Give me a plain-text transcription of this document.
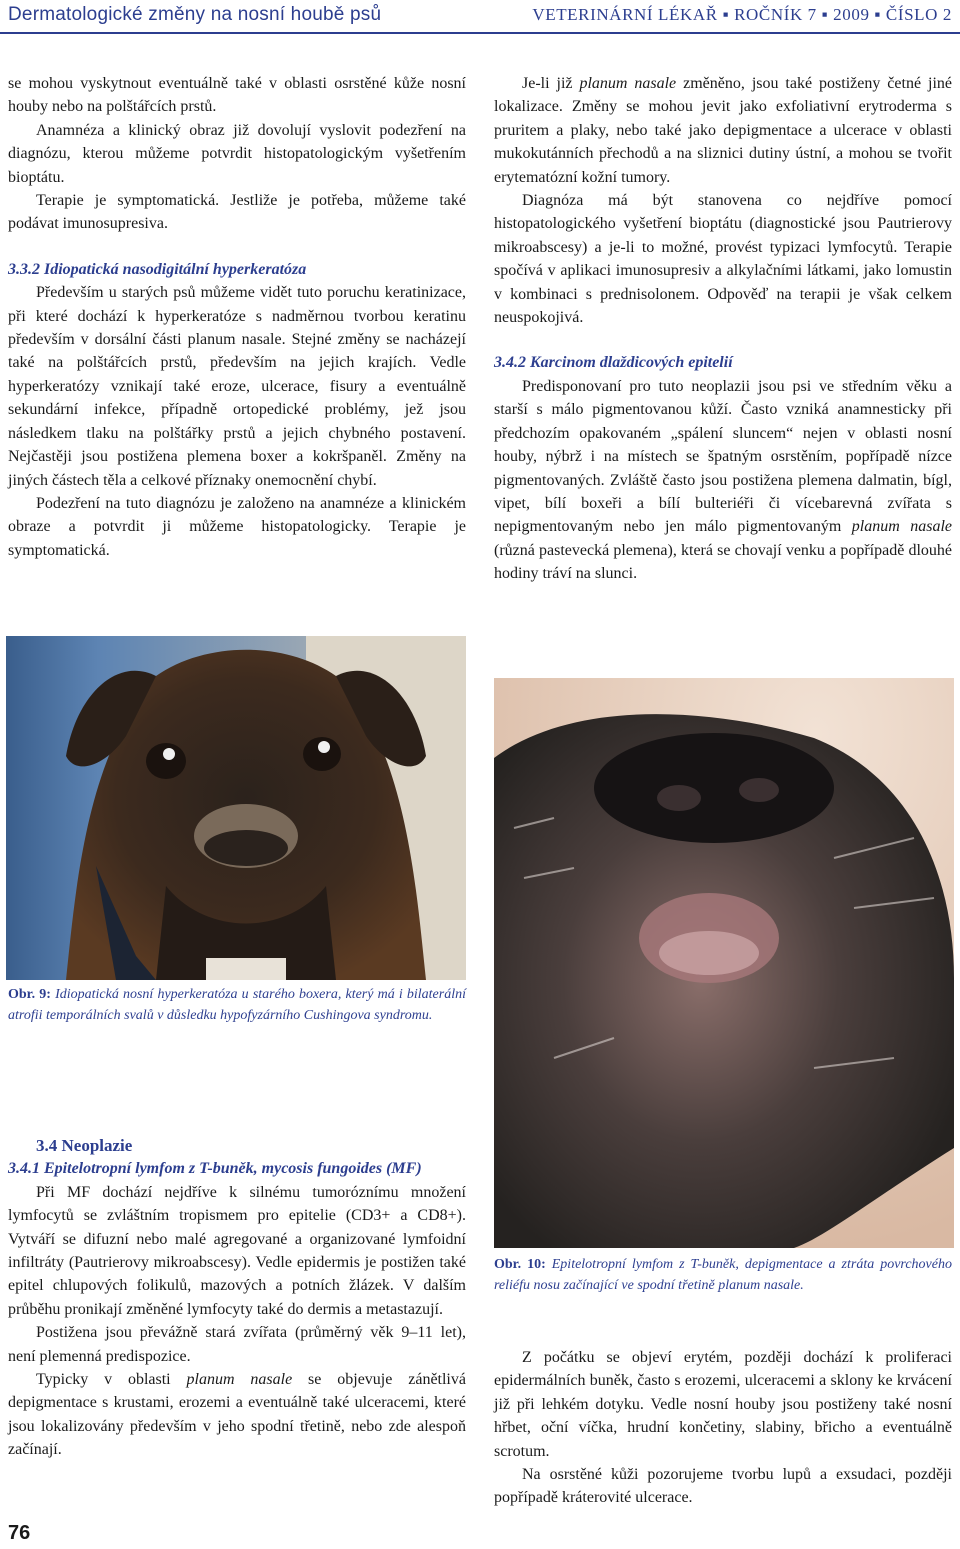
Dermatologické změny na nosní houbě psů	VETERINÁRNÍ LÉKAŘ ▪ ROČNÍK 7 ▪ 2009 ▪ ČÍSLO 2

se mohou vyskytnout eventuálně také v oblasti osrstěné kůže nosní houby nebo na polštářcích prstů.

Anamnéza a klinický obraz již dovolují vyslovit podezření na diagnózu, kterou můžeme potvrdit histopatologickým vyšetřením bioptátu.

Terapie je symptomatická. Jestliže je potřeba, můžeme také podávat imunosupresiva.

3.3.2 Idiopatická nasodigitální hyperkeratóza

Především u starých psů můžeme vidět tuto poruchu keratinizace, při které dochází k hyperkeratóze s nadměrnou tvorbou keratinu především v dorsální části planum nasale. Stejné změny se nacházejí také na polštářcích prstů, především na jejich krajích. Vedle hyperkeratózy vznikají také eroze, ulcerace, fisury a eventuálně sekundární infekce, případně ortopedické problémy, jež jsou následkem tlaku na polštářky prstů a jejich chybného postavení. Nejčastěji jsou postižena plemena boxer a kokršpaněl. Změny na jiných částech těla a celkové příznaky onemocnění chybí.

Podezření na tuto diagnózu je založeno na anamnéze a klinickém obraze a potvrdit ji můžeme histopatologicky. Terapie je symptomatická.

Je-li již planum nasale změněno, jsou také postiženy četné jiné lokalizace. Změny se mohou jevit jako exfoliativní erytroderma s pruritem a plaky, nebo také jako depigmentace a ulcerace v oblasti mukokutánních přechodů a na sliznici dutiny ústní, a mohou se tvořit erytematózní kožní tumory.

Diagnóza má být stanovena co nejdříve pomocí histopatologického vyšetření bioptátu (diagnostické jsou Pautrierovy mikroabscesy) a je-li to možné, provést typizaci lymfocytů. Terapie spočívá v aplikaci imunosupresiv a alkylačními látkami, jako lomustin v kombinaci s prednisolonem. Odpověď na terapii je však celkem neuspokojivá.

3.4.2 Karcinom dlaždicových epitelií

Predisponovaní pro tuto neoplazii jsou psi ve středním věku a starší s málo pigmentovanou kůží. Často vzniká anamnesticky při předchozím opakovaném „spálení sluncem“ nejen v oblasti nosní houby, nýbrž i na místech se špatným osrstěním, popřípadě nízce pigmentovaných. Zvláště často jsou postižena plemena dalmatin, bígl, vipet, bílí boxeři a bílí bulteriéři či vícebarevná zvířata s nepigmentovaným nebo jen málo pigmentovaným planum nasale (různá pastevecká plemena), která se chovají venku a popřípadě dlouhé hodiny tráví na slunci.

Obr. 9: Idiopatická nosní hyperkeratóza u starého boxera, který má i bilaterální atrofii temporálních svalů v důsledku hypofyzárního Cushingova syndromu.
Obr. 10: Epitelotropní lymfom z T-buněk, depigmentace a ztráta povrchového reliéfu nosu začínající ve spodní třetině planum nasale.
3.4 Neoplazie
3.4.1 Epitelotropní lymfom z T-buněk, mycosis fungoides (MF)

Při MF dochází nejdříve k silnému tumoróznímu množení lymfocytů se zvláštním tropismem pro epitelie (CD3+ a CD8+). Vytváří se difuzní nebo malé agregované a organizované lymfoidní infiltráty (Pautrierovy mikroabscesy). Vedle epidermis je postižen také epitel chlupových folikulů, mazových a potních žlázek. V dalším průběhu pronikají změněné lymfocyty také do dermis a metastazují.

Postižena jsou převážně stará zvířata (průměrný věk 9–11 let), není plemenná predispozice.

Typicky v oblasti planum nasale se objevuje zánětlivá depigmentace s krustami, erozemi a eventuálně také ulceracemi, které jsou lokalizovány především v jeho spodní třetině, nebo zde alespoň začínají.

Z počátku se objeví erytém, později dochází k proliferaci epidermálních buněk, často s erozemi, ulceracemi a sklony ke krvácení již při lehkém dotyku. Vedle nosní houby jsou postiženy také nosní hřbet, oční víčka, hrudní končetiny, slabiny, břicho a eventuálně scrotum.

Na osrstěné kůži pozorujeme tvorbu lupů a exsudaci, později popřípadě kráterovité ulcerace.

76
